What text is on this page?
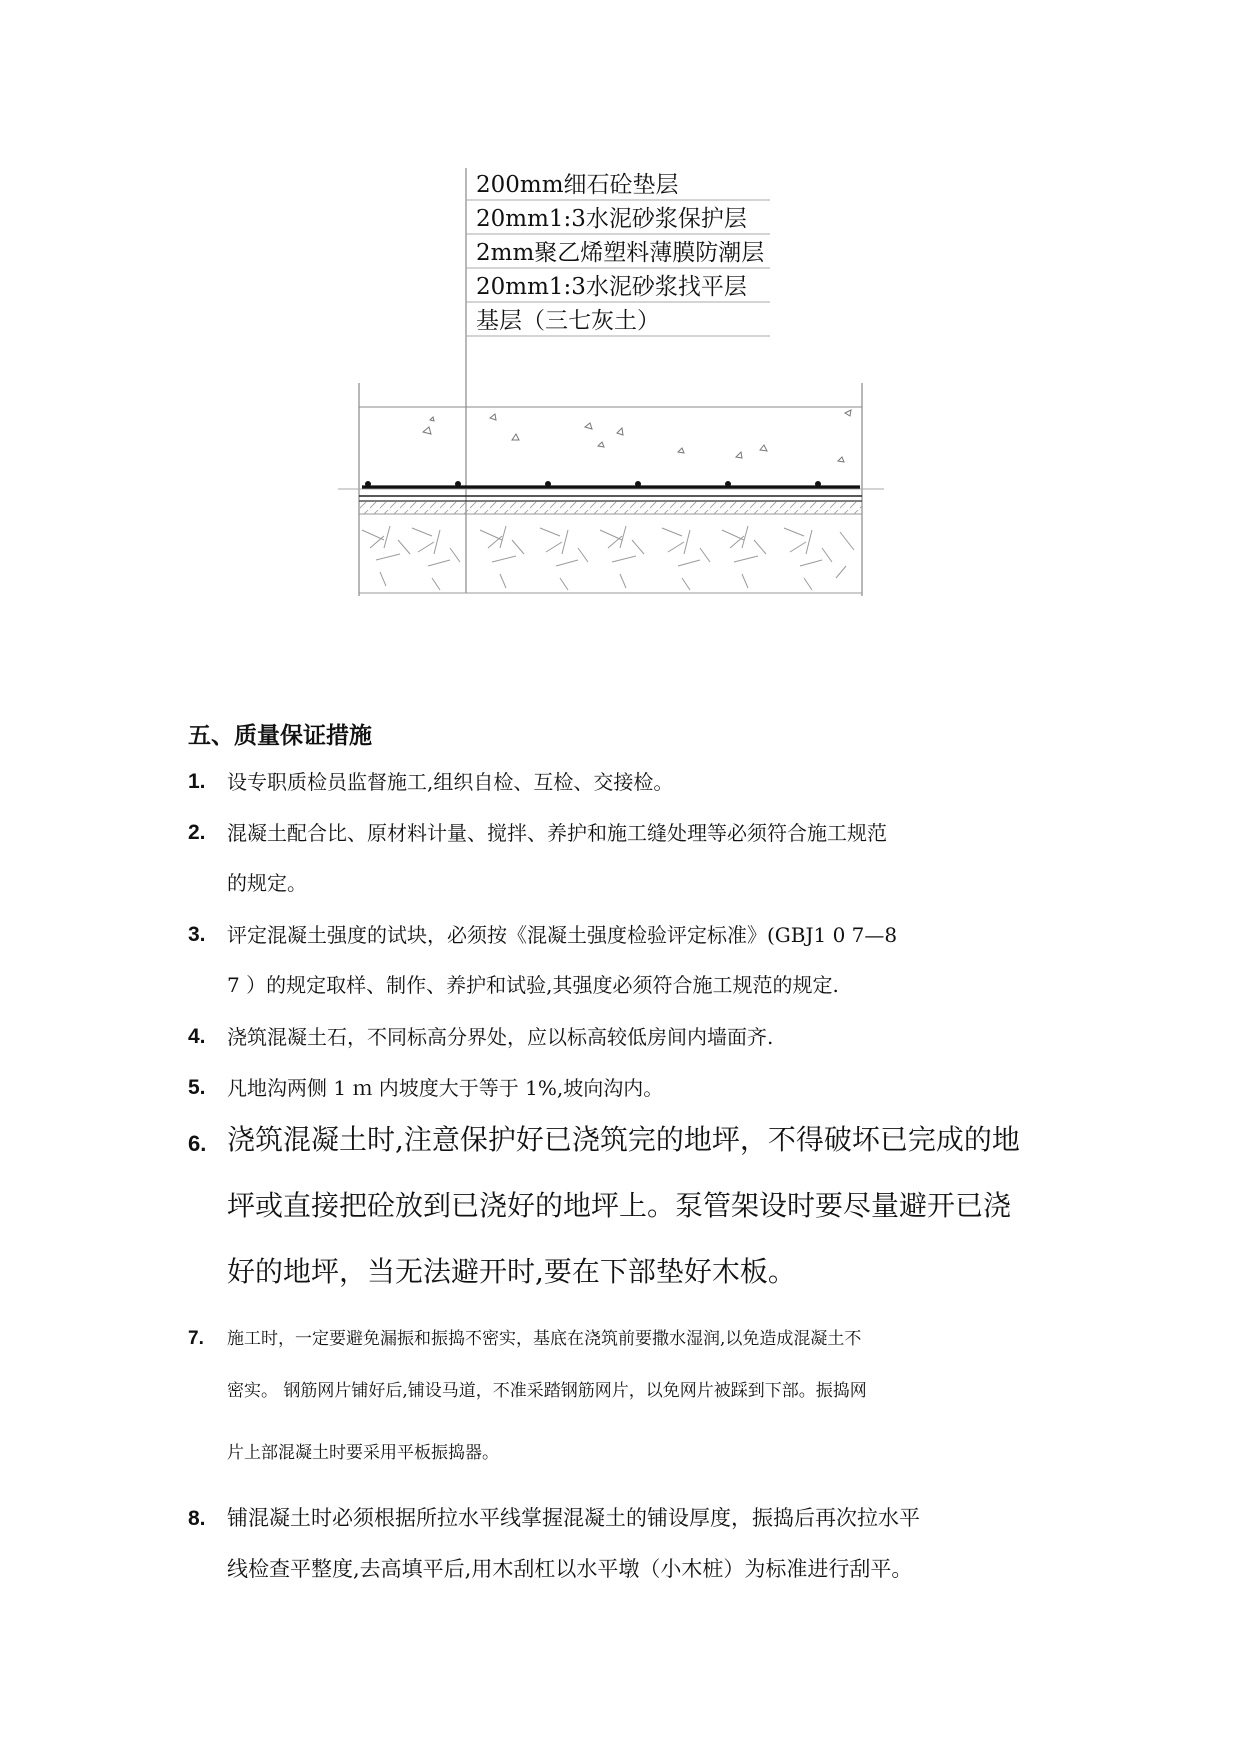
200mm细石砼垫层
20mm1:3水泥砂浆保护层
2mm聚乙烯塑料薄膜防潮层
20mm1:3水泥砂浆找平层
基层（三七灰土）
五、质量保证措施
1.	设专职质检员监督施工,组织自检、互检、交接检。
2.	混凝土配合比、原材料计量、搅拌、养护和施工缝处理等必须符合施工规范
的规定。
3.	评定混凝土强度的试块，必须按《混凝土强度检验评定标准》(GBJ1 0 7—8
7 ）的规定取样、制作、养护和试验,其强度必须符合施工规范的规定.
4.	浇筑混凝土石，不同标高分界处，应以标高较低房间内墙面齐.
5.	凡地沟两侧 1 ｍ 内坡度大于等于 1%,坡向沟内。
6. 浇筑混凝土时,注意保护好已浇筑完的地坪，不得破坏已完成的地
坪或直接把砼放到已浇好的地坪上。泵管架设时要尽量避开已浇
好的地坪，当无法避开时,要在下部垫好木板。
7.	施工时，一定要避免漏振和振捣不密实，基底在浇筑前要撒水湿润,以免造成混凝土不
密实。 钢筋网片铺好后,铺设马道，不准采踏钢筋网片，以免网片被踩到下部。振捣网
片上部混凝土时要采用平板振捣器。
8.	铺混凝土时必须根据所拉水平线掌握混凝土的铺设厚度，振捣后再次拉水平
线检查平整度,去高填平后,用木刮杠以水平墩（小木桩）为标准进行刮平。
